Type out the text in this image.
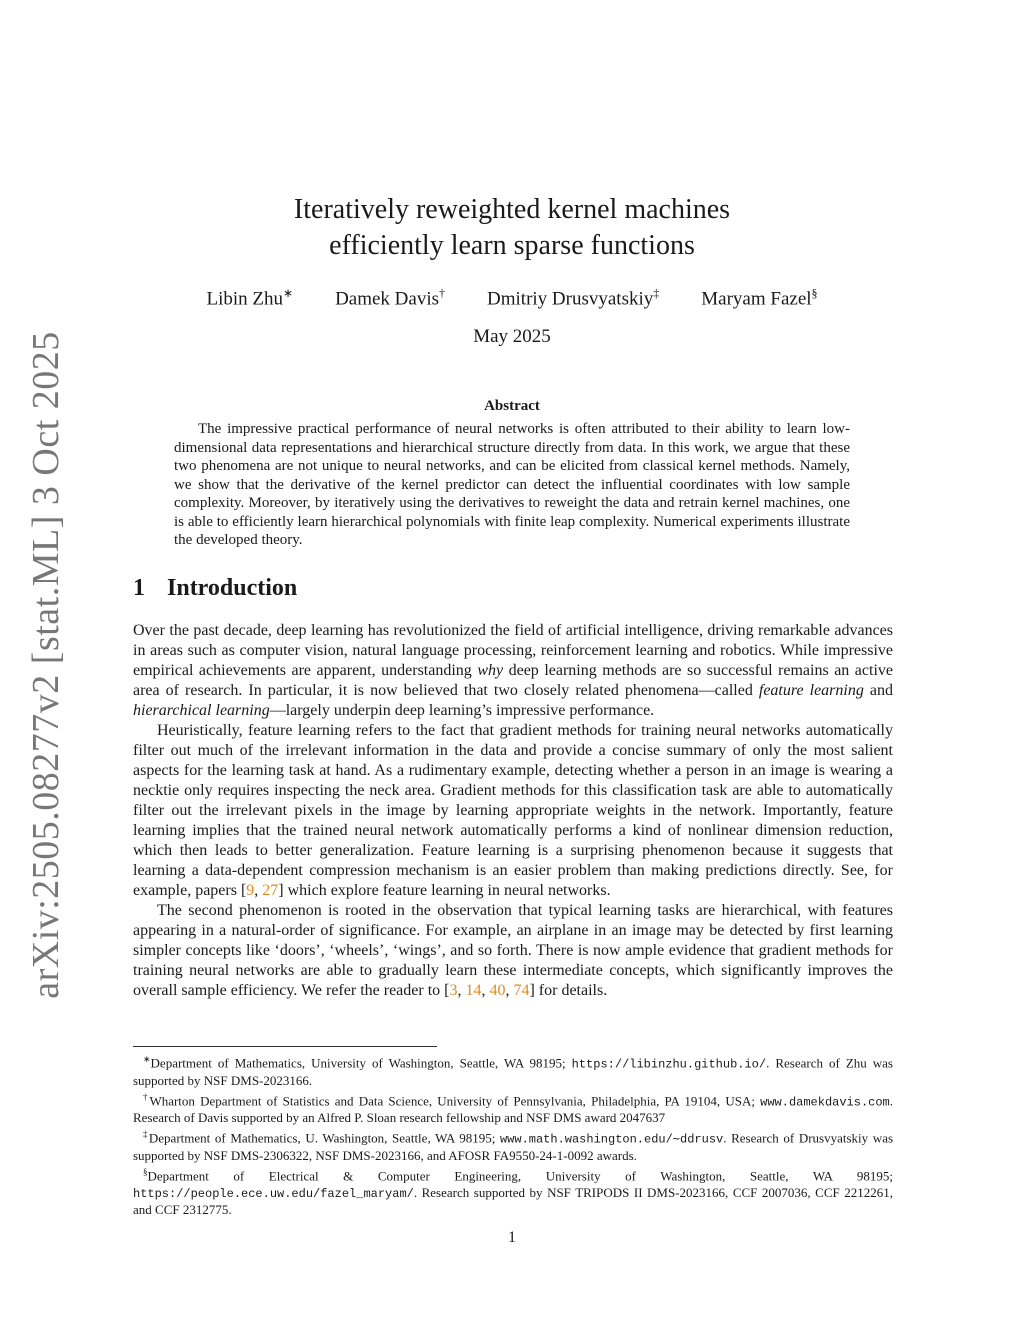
arXiv:2505.08277v2 [stat.ML] 3 Oct 2025
Iteratively reweighted kernel machines
efficiently learn sparse functions
Libin Zhu∗ Damek Davis† Dmitriy Drusvyatskiy‡ Maryam Fazel§
May 2025
Abstract
The impressive practical performance of neural networks is often attributed to their ability to learn low-dimensional data representations and hierarchical structure directly from data. In this work, we argue that these two phenomena are not unique to neural networks, and can be elicited from classical kernel methods. Namely, we show that the derivative of the kernel predictor can detect the influential coordinates with low sample complexity. Moreover, by iteratively using the derivatives to reweight the data and retrain kernel machines, one is able to efficiently learn hierarchical polynomials with finite leap complexity. Numerical experiments illustrate the developed theory.
1 Introduction

Over the past decade, deep learning has revolutionized the field of artificial intelligence, driving remarkable advances in areas such as computer vision, natural language processing, reinforcement learning and robotics. While impressive empirical achievements are apparent, understanding why deep learning methods are so successful remains an active area of research. In particular, it is now believed that two closely related phenomena—called feature learning and hierarchical learning—largely underpin deep learning’s impressive performance.

Heuristically, feature learning refers to the fact that gradient methods for training neural networks automatically filter out much of the irrelevant information in the data and provide a concise summary of only the most salient aspects for the learning task at hand. As a rudimentary example, detecting whether a person in an image is wearing a necktie only requires inspecting the neck area. Gradient methods for this classification task are able to automatically filter out the irrelevant pixels in the image by learning appropriate weights in the network. Importantly, feature learning implies that the trained neural network automatically performs a kind of nonlinear dimension reduction, which then leads to better generalization. Feature learning is a surprising phenomenon because it suggests that learning a data-dependent compression mechanism is an easier problem than making predictions directly. See, for example, papers [9, 27] which explore feature learning in neural networks.

The second phenomenon is rooted in the observation that typical learning tasks are hierarchical, with features appearing in a natural-order of significance. For example, an airplane in an image may be detected by first learning simpler concepts like ‘doors’, ‘wheels’, ‘wings’, and so forth. There is now ample evidence that gradient methods for training neural networks are able to gradually learn these intermediate concepts, which significantly improves the overall sample efficiency. We refer the reader to [3, 14, 40, 74] for details.

∗Department of Mathematics, University of Washington, Seattle, WA 98195; https://libinzhu.github.io/. Research of Zhu was supported by NSF DMS-2023166.

†Wharton Department of Statistics and Data Science, University of Pennsylvania, Philadelphia, PA 19104, USA; www.damekdavis.com. Research of Davis supported by an Alfred P. Sloan research fellowship and NSF DMS award 2047637

‡Department of Mathematics, U. Washington, Seattle, WA 98195; www.math.washington.edu/∼ddrusv. Research of Drusvyatskiy was supported by NSF DMS-2306322, NSF DMS-2023166, and AFOSR FA9550-24-1-0092 awards.

§Department of Electrical & Computer Engineering, University of Washington, Seattle, WA 98195; https://people.ece.uw.edu/fazel_maryam/. Research supported by NSF TRIPODS II DMS-2023166, CCF 2007036, CCF 2212261, and CCF 2312775.

1
